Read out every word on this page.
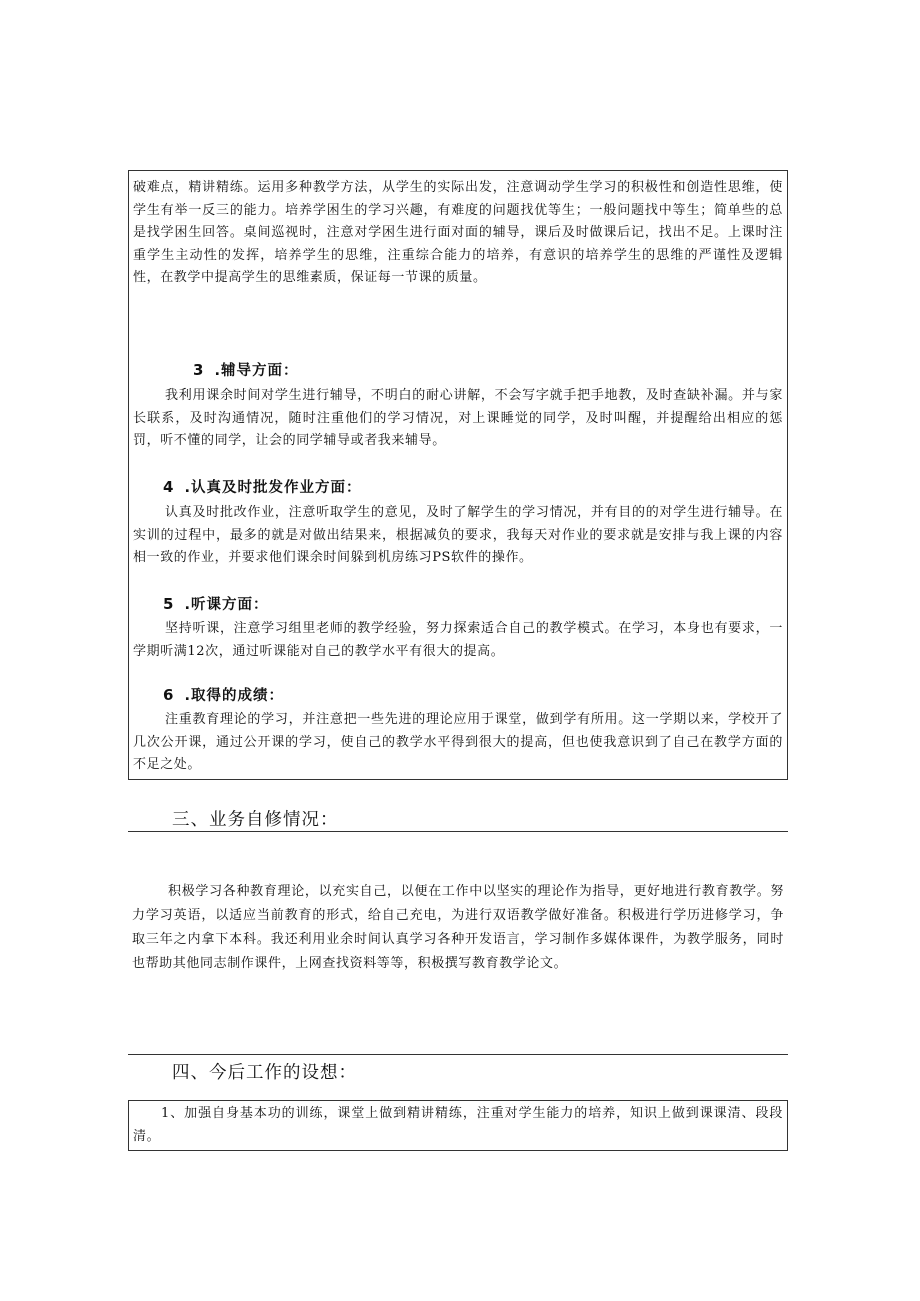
破难点，精讲精练。运用多种教学方法，从学生的实际出发，注意调动学生学习的积极性和创造性思维，使学生有举一反三的能力。培养学困生的学习兴趣，有难度的问题找优等生；一般问题找中等生；简单些的总是找学困生回答。桌间巡视时，注意对学困生进行面对面的辅导，课后及时做课后记，找出不足。上课时注重学生主动性的发挥，培养学生的思维，注重综合能力的培养，有意识的培养学生的思维的严谨性及逻辑性，在教学中提高学生的思维素质，保证每一节课的质量。

3 .辅导方面：

我利用课余时间对学生进行辅导，不明白的耐心讲解，不会写字就手把手地教，及时查缺补漏。并与家长联系，及时沟通情况，随时注重他们的学习情况，对上课睡觉的同学，及时叫醒，并提醒给出相应的惩罚，听不懂的同学，让会的同学辅导或者我来辅导。

4 .认真及时批发作业方面：

认真及时批改作业，注意听取学生的意见，及时了解学生的学习情况，并有目的的对学生进行辅导。在实训的过程中，最多的就是对做出结果来，根据减负的要求，我每天对作业的要求就是安排与我上课的内容相一致的作业，并要求他们课余时间躲到机房练习PS软件的操作。

5 .听课方面：

坚持听课，注意学习组里老师的教学经验，努力探索适合自己的教学模式。在学习，本身也有要求，一学期听满12次，通过听课能对自己的教学水平有很大的提高。

6 .取得的成绩：

注重教育理论的学习，并注意把一些先进的理论应用于课堂，做到学有所用。这一学期以来，学校开了几次公开课，通过公开课的学习，使自己的教学水平得到很大的提高，但也使我意识到了自己在教学方面的不足之处。

三、业务自修情况：

积极学习各种教育理论，以充实自己，以便在工作中以坚实的理论作为指导，更好地进行教育教学。努力学习英语，以适应当前教育的形式，给自己充电，为进行双语教学做好准备。积极进行学历进修学习，争取三年之内拿下本科。我还利用业余时间认真学习各种开发语言，学习制作多媒体课件，为教学服务，同时也帮助其他同志制作课件，上网查找资料等等，积极撰写教育教学论文。

四、今后工作的设想：

1、加强自身基本功的训练，课堂上做到精讲精练，注重对学生能力的培养，知识上做到课课清、段段清。
